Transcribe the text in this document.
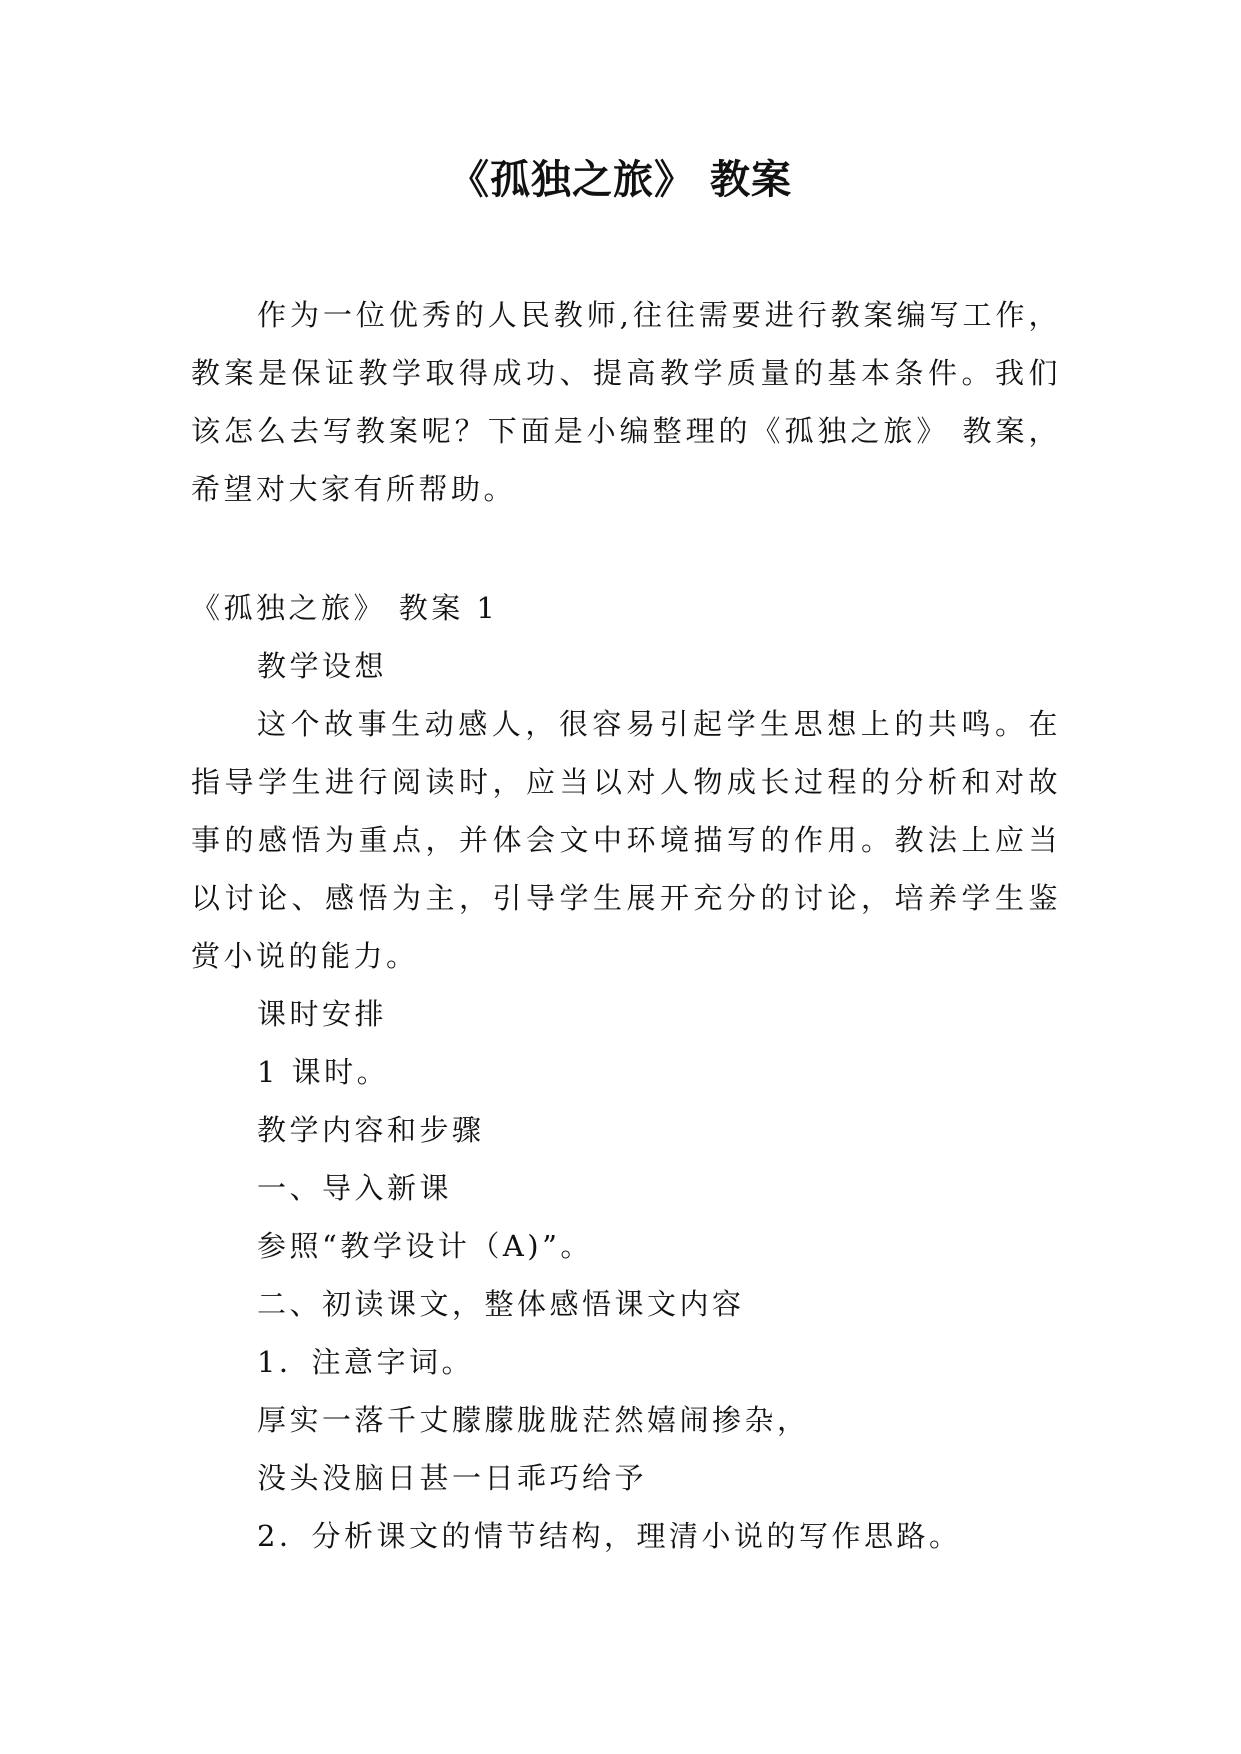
《孤独之旅》 教案

作为一位优秀的人民教师,往往需要进行教案编写工作，教案是保证教学取得成功、提高教学质量的基本条件。我们该怎么去写教案呢？下面是小编整理的《孤独之旅》 教案，希望对大家有所帮助。

《孤独之旅》 教案 1

教学设想

这个故事生动感人，很容易引起学生思想上的共鸣。在指导学生进行阅读时，应当以对人物成长过程的分析和对故事的感悟为重点，并体会文中环境描写的作用。教法上应当以讨论、感悟为主，引导学生展开充分的讨论，培养学生鉴赏小说的能力。

课时安排

1 课时。

教学内容和步骤

一、导入新课

参照“教学设计（A)”。

二、初读课文，整体感悟课文内容

1．注意字词。

厚实一落千丈朦朦胧胧茫然嬉闹掺杂，

没头没脑日甚一日乖巧给予

2．分析课文的情节结构，理清小说的写作思路。
